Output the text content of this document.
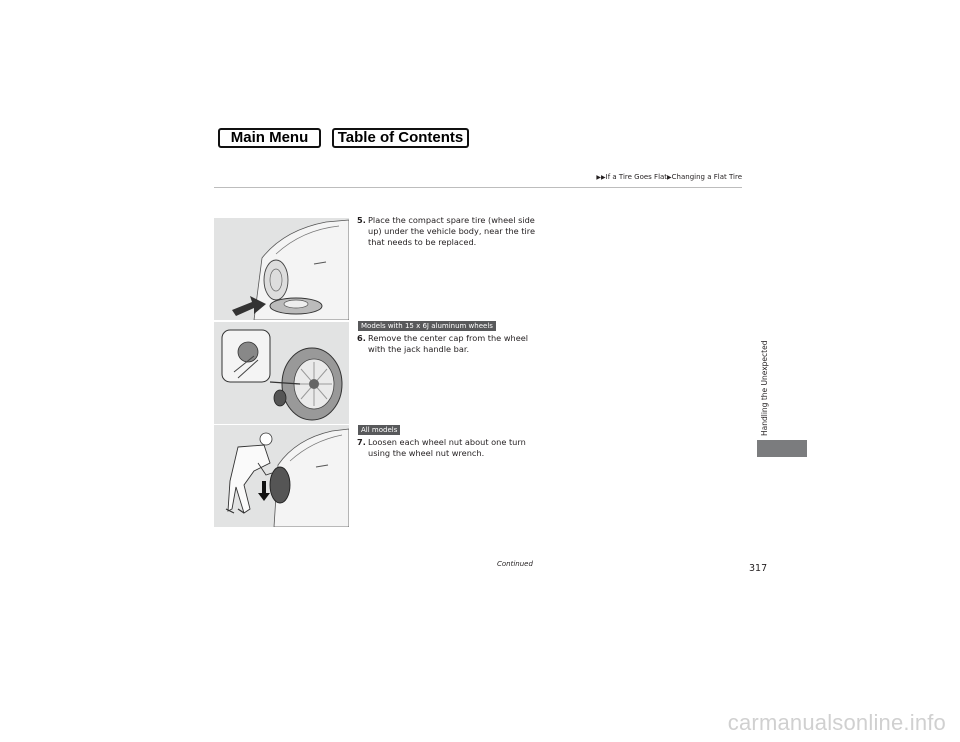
Main Menu	Table of Contents
▶▶If a Tire Goes Flat▶Changing a Flat Tire
5. Place the compact spare tire (wheel side up) under the vehicle body, near the tire that needs to be replaced.
Models with 15 x 6J aluminum wheels
6. Remove the center cap from the wheel with the jack handle bar.
All models
7. Loosen each wheel nut about one turn using the wheel nut wrench.
Handling the Unexpected
Continued	317
carmanualsonline.info
